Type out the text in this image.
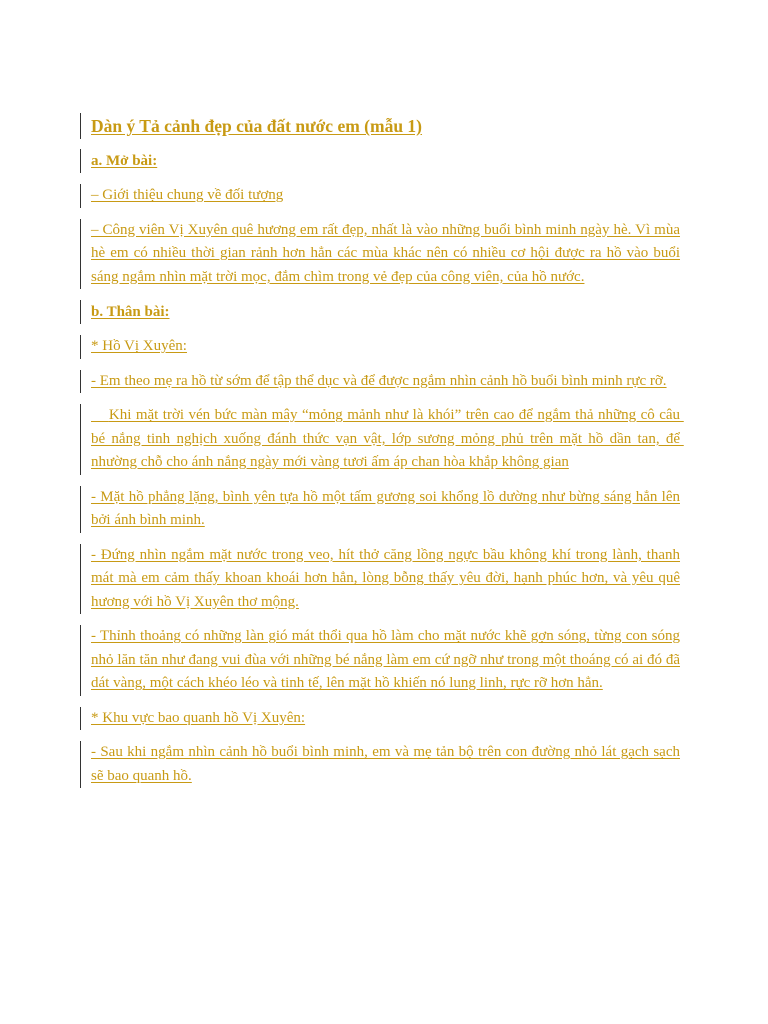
Dàn ý Tả cảnh đẹp của đất nước em (mẫu 1)
a. Mở bài:
– Giới thiệu chung về đối tượng
– Công viên Vị Xuyên quê hương em rất đẹp, nhất là vào những buổi bình minh ngày hè. Vì mùa hè em có nhiều thời gian rảnh hơn hẳn các mùa khác nên có nhiều cơ hội được ra hồ vào buổi sáng ngắm nhìn mặt trời mọc, đắm chìm trong vẻ đẹp của công viên, của hồ nước.
b. Thân bài:
* Hồ Vị Xuyên:
- Em theo mẹ ra hồ từ sớm để tập thể dục và để được ngắm nhìn cảnh hồ buổi bình minh rực rỡ.
Khi mặt trời vén bức màn mây “mỏng mảnh như là khói” trên cao để ngắm thả những cô câu bé nắng tinh nghịch xuống đánh thức vạn vật, lớp sương mỏng phủ trên mặt hồ dần tan, để nhường chỗ cho ánh nắng ngày mới vàng tươi ấm áp chan hòa khắp không gian
- Mặt hồ phẳng lặng, bình yên tựa hồ một tấm gương soi khổng lồ dường như bừng sáng hẳn lên bởi ánh bình minh.
- Đứng nhìn ngắm mặt nước trong veo, hít thở căng lồng ngực bầu không khí trong lành, thanh mát mà em cảm thấy khoan khoái hơn hẳn, lòng bỗng thấy yêu đời, hạnh phúc hơn, và yêu quê hương với hồ Vị Xuyên thơ mộng.
- Thỉnh thoảng có những làn gió mát thổi qua hồ làm cho mặt nước khẽ gợn sóng, từng con sóng nhỏ lăn tăn như đang vui đùa với những bé nắng làm em cứ ngỡ như trong một thoáng có ai đó đã dát vàng, một cách khéo léo và tinh tế, lên mặt hồ khiến nó lung linh, rực rỡ hơn hẳn.
* Khu vực bao quanh hồ Vị Xuyên:
- Sau khi ngắm nhìn cảnh hồ buổi bình minh, em và mẹ tản bộ trên con đường nhỏ lát gạch sạch sẽ bao quanh hồ.
